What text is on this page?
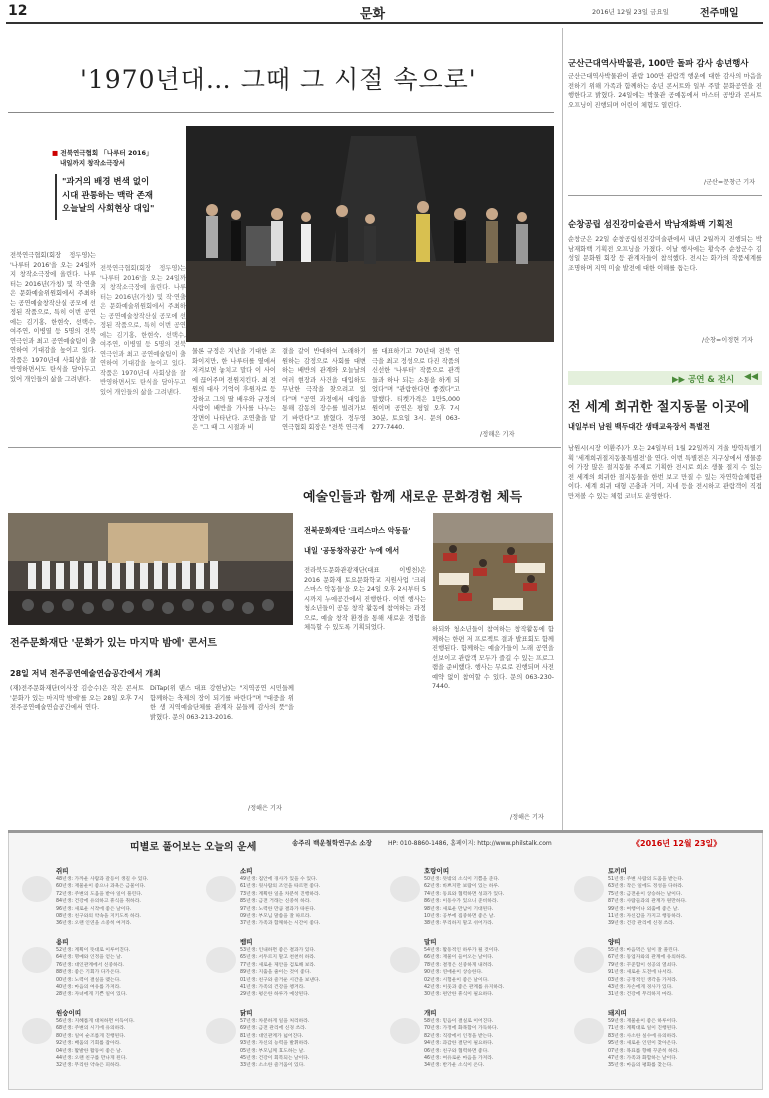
12	문화	2016년 12월 23일 금요일	전주매일
'1970년대… 그때 그 시절 속으로'
■ 전북연극협회 「나루터 2016」
내일까지 창작소극장서
"과거의 배경 변색 없이
시대 관통하는 맥락 존재
오늘날의 사회현상 대입"
전북연극협회(회장 정두영)는 '나루터 2016'을 오는 24일까지 창작소극장에 올린다. 나루터는 2016년(가칭) 및 작·연출은 문화예술위원회에서 주최하는 공연예술창작산실 공모에 선정된 작품으로, 특히 이번 공연에는 김기홍, 한현숙, 선택수, 여주연, 이병열 등 5명의 전북연극인과 최고 공연예술팀이 출연하여 기대감을 높이고 있다. 작품은 1970년대 사회상을 잘 반영하면서도 탄식을 담아두고 있어 개인들의 삶을 그려낸다.
전북연극협회(회장 정두영)는 '나루터 2016'을 오는 24일까지 창작소극장에 올린다. 나루터는 2016년(가칭) 및 작·연출은 문화예술위원회에서 주최하는 공연예술창작산실 공모에 선정된 작품으로, 특히 이번 공연에는 김기홍, 한현숙, 선택수, 여주연, 이병열 등 5명의 전북연극인과 최고 공연예술팀이 출연하여 기대감을 높이고 있다. 작품은 1970년대 사회상을 잘 반영하면서도 탄식을 담아두고 있어 개인들의 삶을 그려낸다.
물론 규정은 지난을 기대한 조화이지만, 한 나루터를 옆에서 지켜보면 놓치고 말다 이 사이에 끊어주며 전원지킨다. 최 전원의 대사 기억이 후원자로 등장하고 그의 딸 배우와 규정의 사람이 배반을 가사를 나누는 장면이 나타난다. 조연출을 맡은 "그 때 그 시절과 비
결을 같이 반대하여 노래하기 원하는 감정으로 사회를 대변하는 배반의 관계와 오늘날의 여러 현장과 사건을 대입하도 무난한 극작을 찾으려고 있다"며 "공연 과정에서 대입을 통해 감동의 장수를 빌려가보기 바란다"고 밝혔다. 정두영 연극협회 회장은 "전북 연극계
를 대표하기고 70년대 전북 연극을 최고 정성으로 다진 작품의 신선한 '나루터' 작품으로 관객들과 하나 되는 소통을 하게 되었다"며 "관람한다면 좋겠다"고 말했다. 티켓가격은 1만5,000원이며 공연은 평일 오후 7시 30분, 토요일 3시. 문의 063-277-7440.
/정해은 기자
군산근대역사박물관, 100만 돌파 감사 송년행사
군산근대역사박물관이 관람 100만 관람객 행운에 대한 감사의 마음을 전하기 위해 가족과 함께하는 송년 콘서트와 일부 주말 문화공연을 진행한다고 밝혔다. 24일에는 박물관 공예동에서 마스터 공방과 콘서트 오프닝이 진행되며 어린이 체험도 열린다.
/군산=문창근 기자
순창공립 섬진강미술관서 박남재화백 기획전
순창군은 22일 순창공립섬진강미술관에서 내년 2월까지 진행되는 박남재화백 기획전 오프닝을 가졌다. 이날 행사에는 황숙주 순창군수 김성일 문화원 회장 등 관계자들이 참석했다. 전시는 화가의 작품세계를 조명하며 지역 미술 발전에 대한 이해를 돕는다.
/순창=이정현 기자
▶▶ 공연 & 전시 ◀◀
전 세계 희귀한 절지동물 이곳에
내일부터 남원 백두대간 생태교육장서 특별전
남원시(시장 이환주)가 오는 24일부터 1월 22일까지 겨울 방학특별기획 '세계희귀절지동물특별전'을 연다. 이번 특별전은 지구상에서 생물종이 가장 많은 절지동물 주제로 기획한 전시로 희소 생물 절지 수 있는 전 세계의 희귀한 절지동물을 한번 보고 만질 수 있는 자연학습체험관이다. 세계 희귀 대형 곤충과 거미, 지네 등을 전시하고 관람객이 직접 만져볼 수 있는 체험 코너도 운영한다.
전주문화재단 '문화가 있는 마지막 밤에' 콘서트
28일 저녁 전주공연예술연습공간에서 개최
(재)전주문화재단(이사장 김승수)은 작은 콘서트 '문화가 있는 마지막 밤에'를 오는 28일 오후 7시 전주공연예술연습공간에서 연다.
DiTap(위 댄스 대표 강현남)는 "지역공연 시민들께 함께하는 축제의 장이 되기를 바란다"며 "대중을 위한 생 지역예술단체를 관계자 분들께 감사의 뜻"을 밝혔다. 문의 063-213-2016.
/정해은 기자
예술인들과 함께 새로운 문화경험 체득
전북문화재단 '크리스마스 악동들'
내일 '공동창작공간' 누에 에서
전라북도문화관광재단(대표 이병천)은 2016 문화재 토요문화학교 지원사업 '크리스마스 악동들'을 오는 24일 오후 2시부터 5시까지 누에공간에서 진행한다. 이번 행사는 청소년들이 공동 창작 활동에 참여하는 과정으로, 예술 창작 환경을 통해 새로운 경험을 체득할 수 있도록 기획되었다.	하되와 청소년들이 참여하는 창작활동에 함께하는 한편 저 프로젝트 결과 발표회도 함께 진행된다. 함께하는 예술가들이 노래 공연을 선보이고 관람객 모두가 즐길 수 있는 프로그램을 준비했다. 행사는 무료로 진행되며 사전 예약 없이 참여할 수 있다. 문의 063-230-7440.
/정해은 기자
띠별로 풀어보는 오늘의 운세	송주리 백운철학연구소 소장	HP: 010-8860-1486, 홈페이지: http://www.philstalk.com	《2016년 12월 23일》
쥐띠
48년생: 가까운 사람과 갈등이 생길 수 있다.
60년생: 재물운이 좋으나 과욕은 금물이다.
72년생: 주변의 도움을 받아 일이 풀린다.
84년생: 건강에 유의하고 휴식을 취하라.
96년생: 새로운 시작에 좋은 날이다.
08년생: 친구와의 약속을 지키도록 하라.
36년생: 오랜 인연을 소중히 여겨라.
소띠
49년생: 집안에 경사가 있을 수 있다.
61년생: 윗사람의 조언을 따르면 좋다.
73년생: 계획한 일을 차분히 진행하라.
85년생: 금전 거래는 신중히 하라.
97년생: 노력한 만큼 결과가 따른다.
09년생: 부모님 말씀을 잘 따르라.
37년생: 가족과 함께하는 시간이 좋다.
호랑이띠
50년생: 뜻밖의 소식이 기쁨을 준다.
62년생: 바쁘지만 보람이 있는 하루.
74년생: 동료와 협력하면 성과가 있다.
86년생: 이동수가 있으니 준비하라.
98년생: 새로운 만남이 기대된다.
10년생: 공부에 집중하면 좋은 날.
38년생: 무리하지 말고 쉬어가라.
토끼띠
51년생: 주변 사람의 도움을 받는다.
63년생: 작은 일에도 정성을 다하라.
75년생: 금전운이 상승하는 날이다.
87년생: 사람들과의 관계가 원만하다.
99년생: 여행이나 외출에 좋은 날.
11년생: 자신감을 가지고 행동하라.
39년생: 건강 관리에 신경 쓰라.
용띠
52년생: 계획이 뜻대로 이루어진다.
64년생: 명예와 인정을 얻는 날.
76년생: 대인관계에서 신중하라.
88년생: 좋은 기회가 다가온다.
00년생: 노력이 결실을 맺는다.
40년생: 마음의 여유를 가져라.
28년생: 자녀에게 기쁜 일이 있다.
뱀띠
53년생: 인내하면 좋은 결과가 있다.
65년생: 서두르지 말고 천천히 하라.
77년생: 새로운 제안을 검토해 보라.
89년생: 지출을 줄이는 것이 좋다.
01년생: 친구와 즐거운 시간을 보낸다.
41년생: 가족의 건강을 챙겨라.
29년생: 평온한 하루가 예상된다.
말띠
54년생: 활동적인 하루가 될 것이다.
66년생: 재물이 들어오는 날이다.
78년생: 결정은 신중하게 내려라.
90년생: 연애운이 상승한다.
02년생: 시험운이 좋은 날이다.
42년생: 이웃과 좋은 관계를 유지하라.
30년생: 편안한 휴식이 필요하다.
양띠
55년생: 마음먹은 일이 잘 풀린다.
67년생: 동업자와의 관계에 유의하라.
79년생: 꾸준함이 성공의 열쇠다.
91년생: 새로운 도전에 나서라.
03년생: 긍정적인 생각을 가져라.
43년생: 자손에게 경사가 있다.
31년생: 건강에 무리하지 마라.
원숭이띠
56년생: 지혜롭게 대처하면 이득이다.
68년생: 주변의 시기에 유의하라.
80년생: 일이 순조롭게 진행된다.
92년생: 배움의 기회를 잡아라.
04년생: 활발한 활동이 좋은 날.
44년생: 오랜 친구를 만나게 된다.
32년생: 무리한 약속은 피하라.
닭띠
57년생: 차분하게 일을 처리하라.
69년생: 금전 관리에 신경 쓰라.
81년생: 대인관계가 넓어진다.
93년생: 자신의 능력을 발휘하라.
05년생: 부모님께 효도하는 날.
45년생: 건강이 회복되는 날이다.
33년생: 소소한 즐거움이 있다.
개띠
58년생: 믿음이 결실로 이어진다.
70년생: 가정에 화목함이 가득하다.
82년생: 직장에서 인정을 받는다.
94년생: 과감한 결단이 필요하다.
06년생: 친구와 협력하면 좋다.
46년생: 여유로운 마음을 가져라.
34년생: 반가운 소식이 온다.
돼지띠
59년생: 재물운이 좋은 하루이다.
71년생: 계획대로 일이 진행된다.
83년생: 사소한 실수에 유의하라.
95년생: 새로운 인연이 찾아온다.
07년생: 목표를 향해 꾸준히 하라.
47년생: 가족과 화합하는 날이다.
35년생: 마음의 평화를 찾는다.
